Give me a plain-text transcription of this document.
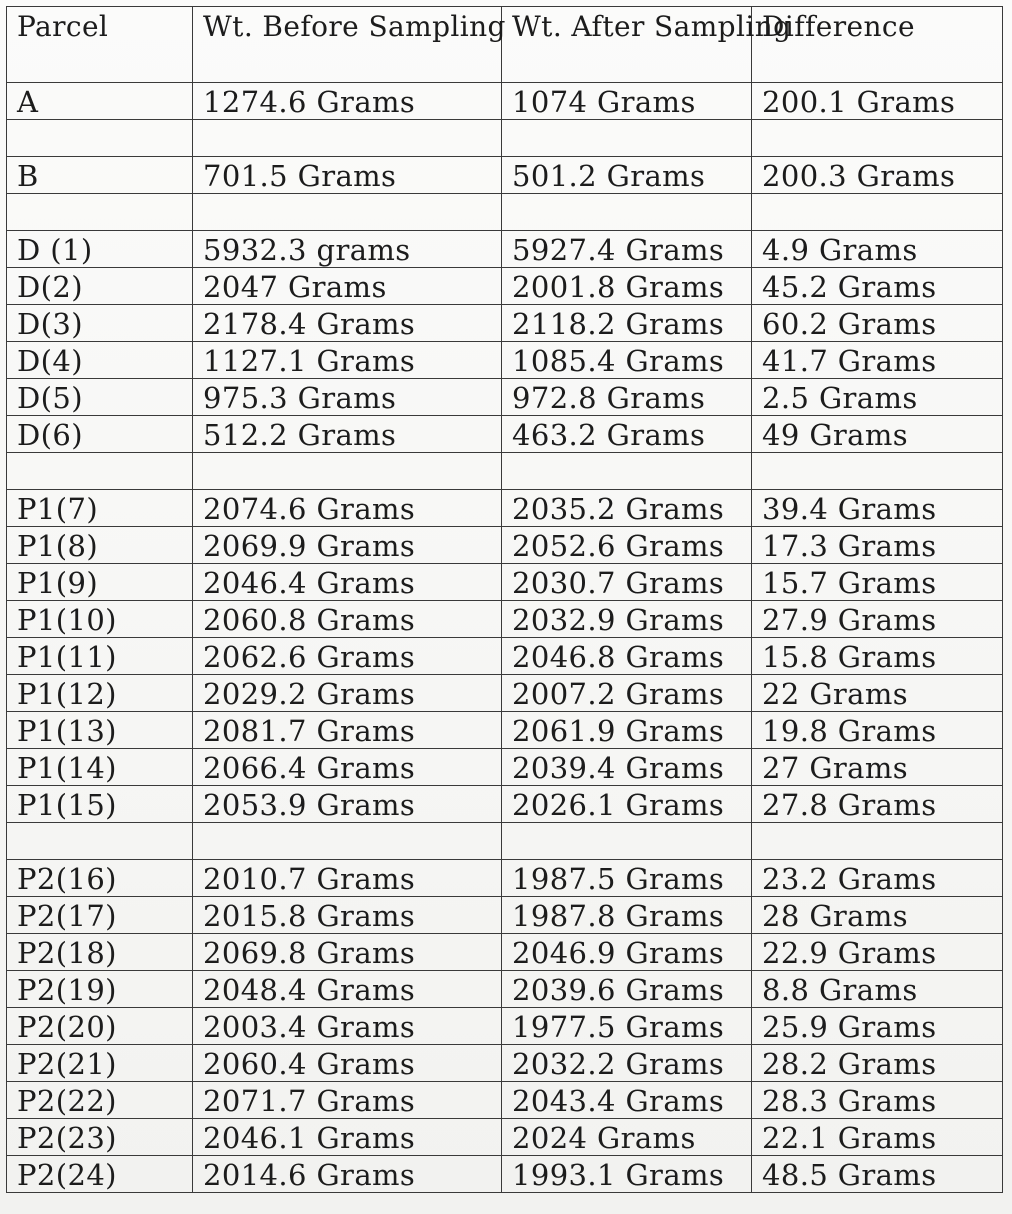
Parcel	Wt. Before Sampling	Wt. After Sampling	Difference
A	1274.6 Grams	1074 Grams	200.1 Grams

B	701.5 Grams	501.2 Grams	200.3 Grams

D (1)	5932.3 grams	5927.4 Grams	4.9 Grams
D(2)	2047 Grams	2001.8 Grams	45.2 Grams
D(3)	2178.4 Grams	2118.2 Grams	60.2 Grams
D(4)	1127.1 Grams	1085.4 Grams	41.7 Grams
D(5)	975.3 Grams	972.8 Grams	2.5 Grams
D(6)	512.2 Grams	463.2 Grams	49 Grams

P1(7)	2074.6 Grams	2035.2 Grams	39.4 Grams
P1(8)	2069.9 Grams	2052.6 Grams	17.3 Grams
P1(9)	2046.4 Grams	2030.7 Grams	15.7 Grams
P1(10)	2060.8 Grams	2032.9 Grams	27.9 Grams
P1(11)	2062.6 Grams	2046.8 Grams	15.8 Grams
P1(12)	2029.2 Grams	2007.2 Grams	22 Grams
P1(13)	2081.7 Grams	2061.9 Grams	19.8 Grams
P1(14)	2066.4 Grams	2039.4 Grams	27 Grams
P1(15)	2053.9 Grams	2026.1 Grams	27.8 Grams

P2(16)	2010.7 Grams	1987.5 Grams	23.2 Grams
P2(17)	2015.8 Grams	1987.8 Grams	28 Grams
P2(18)	2069.8 Grams	2046.9 Grams	22.9 Grams
P2(19)	2048.4 Grams	2039.6 Grams	8.8 Grams
P2(20)	2003.4 Grams	1977.5 Grams	25.9 Grams
P2(21)	2060.4 Grams	2032.2 Grams	28.2 Grams
P2(22)	2071.7 Grams	2043.4 Grams	28.3 Grams
P2(23)	2046.1 Grams	2024 Grams	22.1 Grams
P2(24)	2014.6 Grams	1993.1 Grams	48.5 Grams
